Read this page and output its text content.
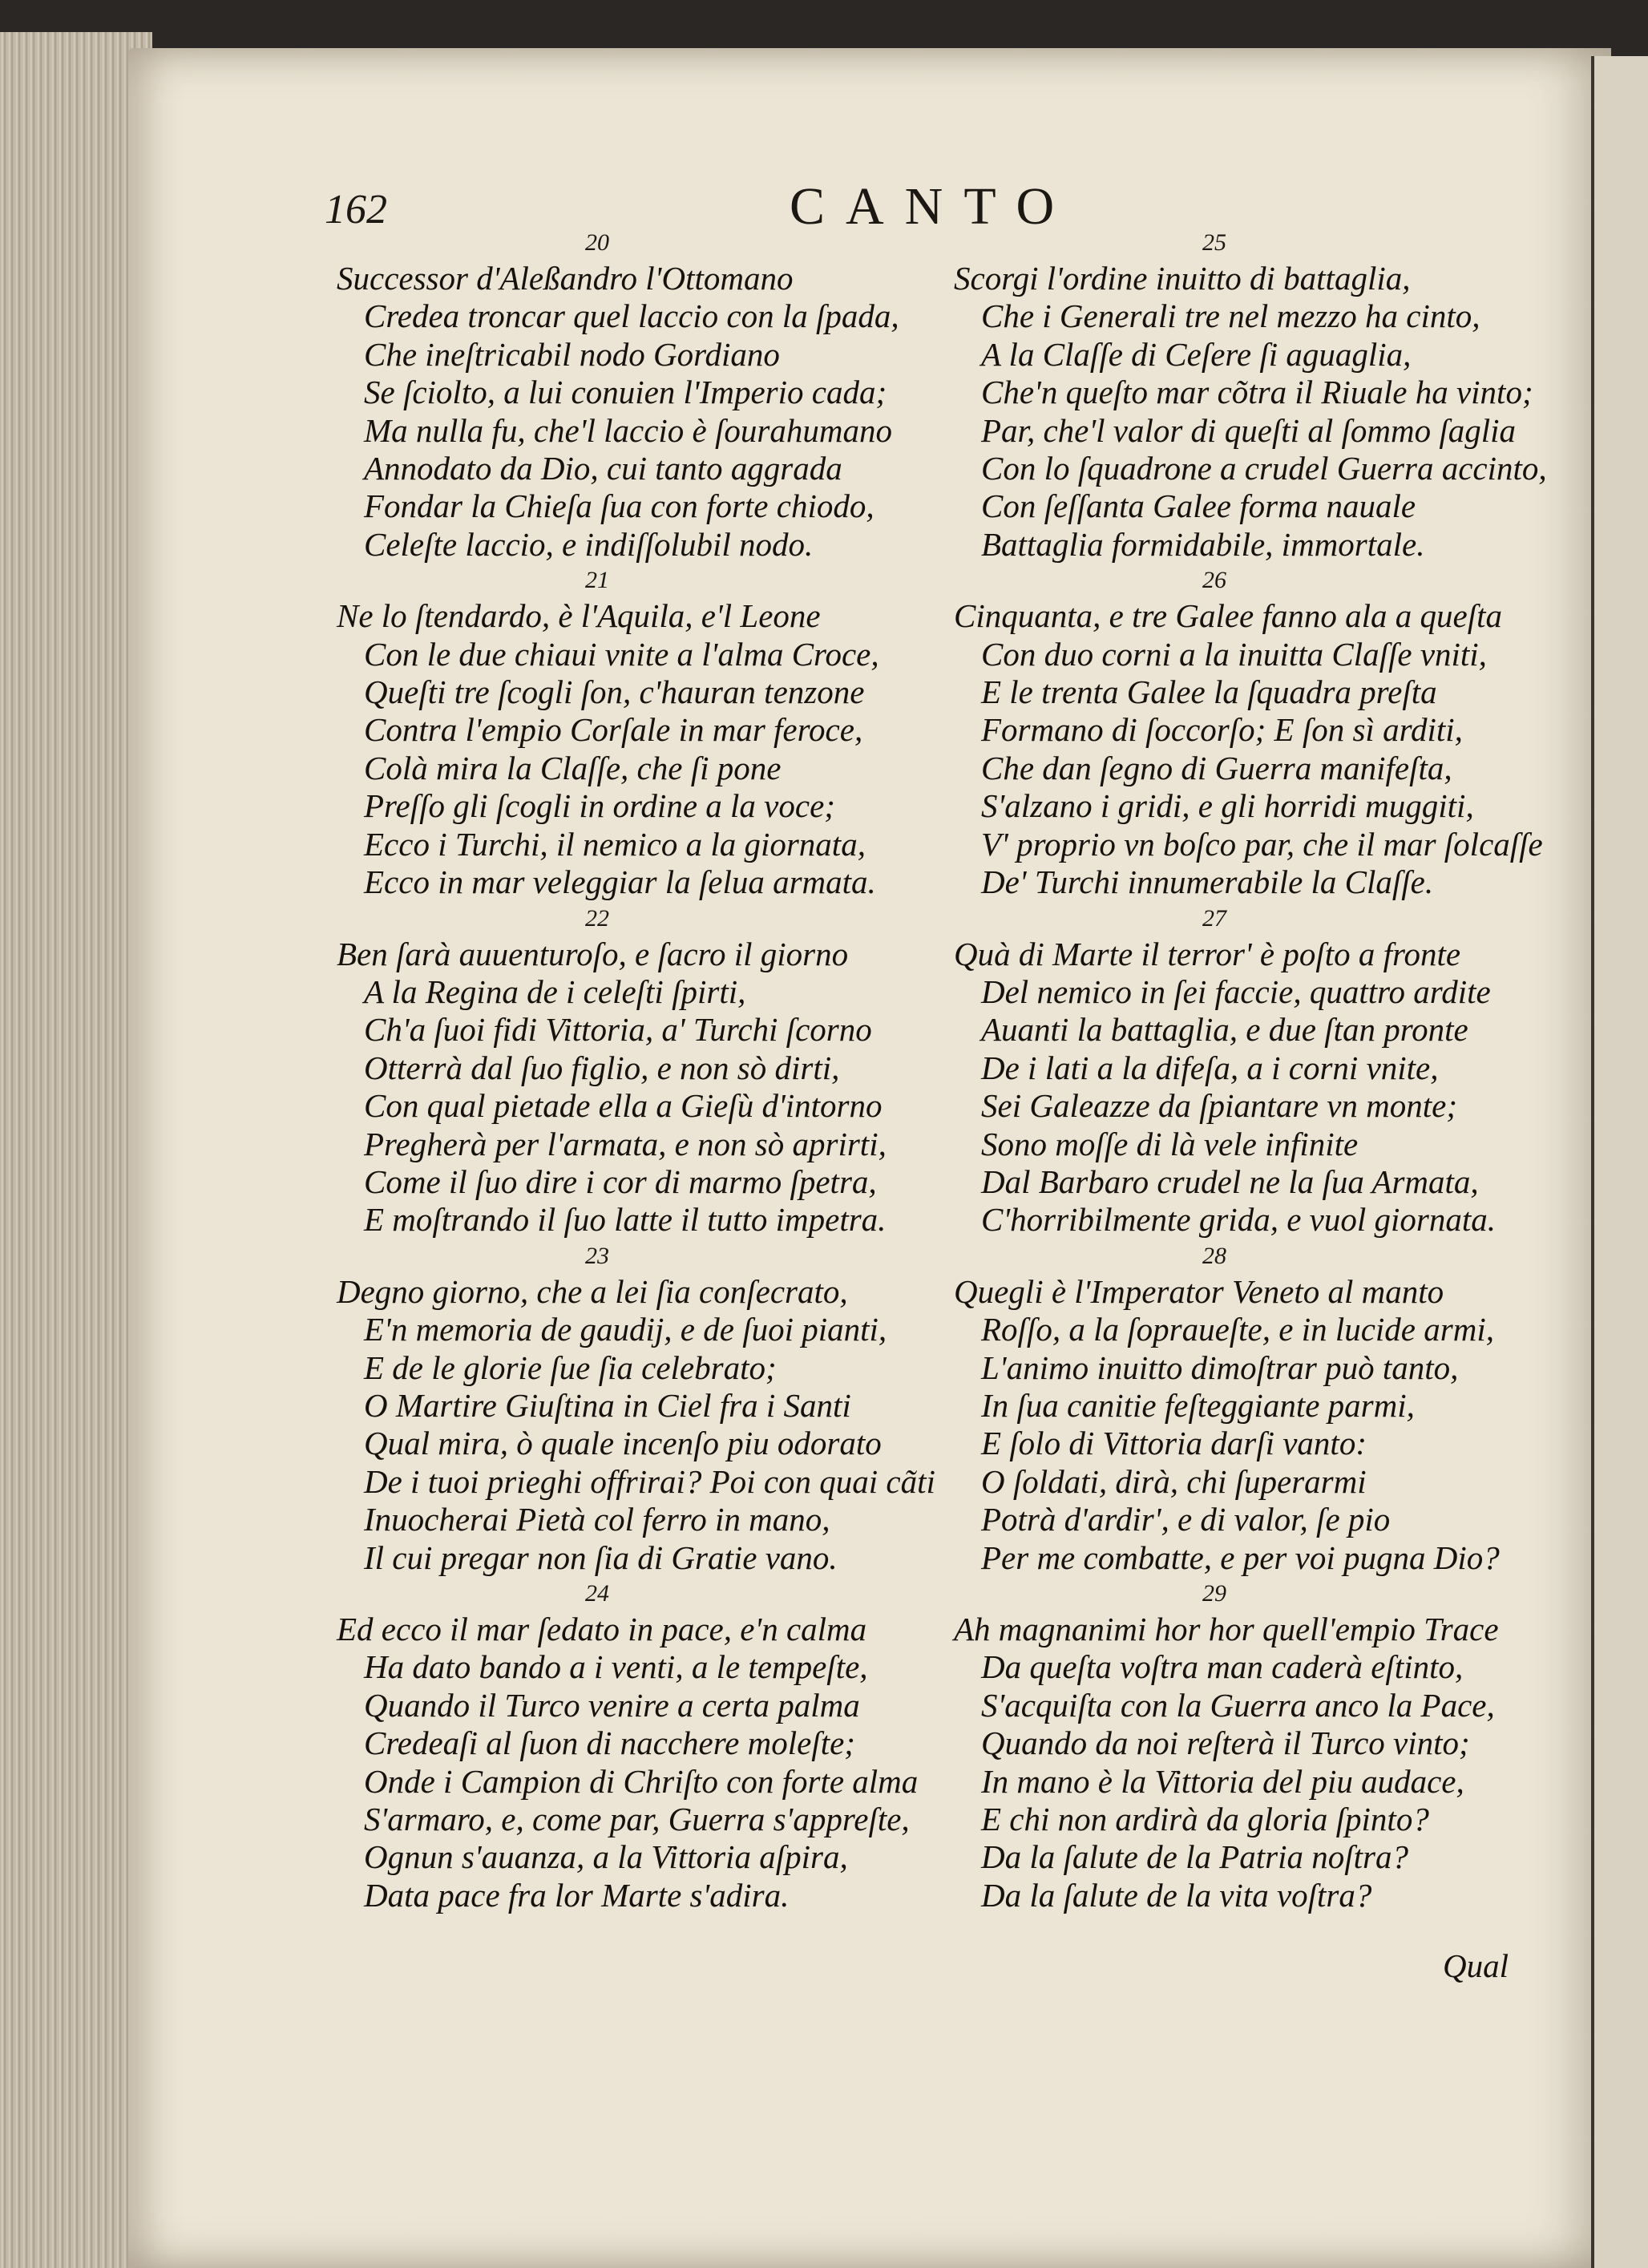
162	CANTO
20
Successor d'Aleßandro l'Ottomano
Credea troncar quel laccio con la ſpada,
Che ineſtricabil nodo Gordiano
Se ſciolto, a lui conuien l'Imperio cada;
Ma nulla fu, che'l laccio è ſourahumano
Annodato da Dio, cui tanto aggrada
Fondar la Chieſa ſua con forte chiodo,
Celeſte laccio, e indiſſolubil nodo.
21
Ne lo ſtendardo, è l'Aquila, e'l Leone
Con le due chiaui vnite a l'alma Croce,
Queſti tre ſcogli ſon, c'hauran tenzone
Contra l'empio Corſale in mar feroce,
Colà mira la Claſſe, che ſi pone
Preſſo gli ſcogli in ordine a la voce;
Ecco i Turchi, il nemico a la giornata,
Ecco in mar veleggiar la ſelua armata.
22
Ben ſarà auuenturoſo, e ſacro il giorno
A la Regina de i celeſti ſpirti,
Ch'a ſuoi fidi Vittoria, a' Turchi ſcorno
Otterrà dal ſuo figlio, e non sò dirti,
Con qual pietade ella a Gieſù d'intorno
Pregherà per l'armata, e non sò aprirti,
Come il ſuo dire i cor di marmo ſpetra,
E moſtrando il ſuo latte il tutto impetra.
23
Degno giorno, che a lei ſia conſecrato,
E'n memoria de gaudij, e de ſuoi pianti,
E de le glorie ſue ſia celebrato;
O Martire Giuſtina in Ciel fra i Santi
Qual mira, ò quale incenſo piu odorato
De i tuoi prieghi offrirai? Poi con quai cãti
Inuocherai Pietà col ferro in mano,
Il cui pregar non ſia di Gratie vano.
24
Ed ecco il mar ſedato in pace, e'n calma
Ha dato bando a i venti, a le tempeſte,
Quando il Turco venire a certa palma
Credeaſi al ſuon di nacchere moleſte;
Onde i Campion di Chriſto con forte alma
S'armaro, e, come par, Guerra s'appreſte,
Ognun s'auanza, a la Vittoria aſpira,
Data pace fra lor Marte s'adira.
25
Scorgi l'ordine inuitto di battaglia,
Che i Generali tre nel mezzo ha cinto,
A la Claſſe di Ceſere ſi aguaglia,
Che'n queſto mar cõtra il Riuale ha vinto;
Par, che'l valor di queſti al ſommo ſaglia
Con lo ſquadrone a crudel Guerra accinto,
Con ſeſſanta Galee forma nauale
Battaglia formidabile, immortale.
26
Cinquanta, e tre Galee fanno ala a queſta
Con duo corni a la inuitta Claſſe vniti,
E le trenta Galee la ſquadra preſta
Formano di ſoccorſo; E ſon sì arditi,
Che dan ſegno di Guerra manifeſta,
S'alzano i gridi, e gli horridi muggiti,
V' proprio vn boſco par, che il mar ſolcaſſe
De' Turchi innumerabile la Claſſe.
27
Quà di Marte il terror' è poſto a fronte
Del nemico in ſei faccie, quattro ardite
Auanti la battaglia, e due ſtan pronte
De i lati a la difeſa, a i corni vnite,
Sei Galeazze da ſpiantare vn monte;
Sono moſſe di là vele infinite
Dal Barbaro crudel ne la ſua Armata,
C'horribilmente grida, e vuol giornata.
28
Quegli è l'Imperator Veneto al manto
Roſſo, a la ſopraueſte, e in lucide armi,
L'animo inuitto dimoſtrar può tanto,
In ſua canitie feſteggiante parmi,
E ſolo di Vittoria darſi vanto:
O ſoldati, dirà, chi ſuperarmi
Potrà d'ardir', e di valor, ſe pio
Per me combatte, e per voi pugna Dio?
29
Ah magnanimi hor hor quell'empio Trace
Da queſta voſtra man caderà eſtinto,
S'acquiſta con la Guerra anco la Pace,
Quando da noi reſterà il Turco vinto;
In mano è la Vittoria del piu audace,
E chi non ardirà da gloria ſpinto?
Da la ſalute de la Patria noſtra?
Da la ſalute de la vita voſtra?
Qual
